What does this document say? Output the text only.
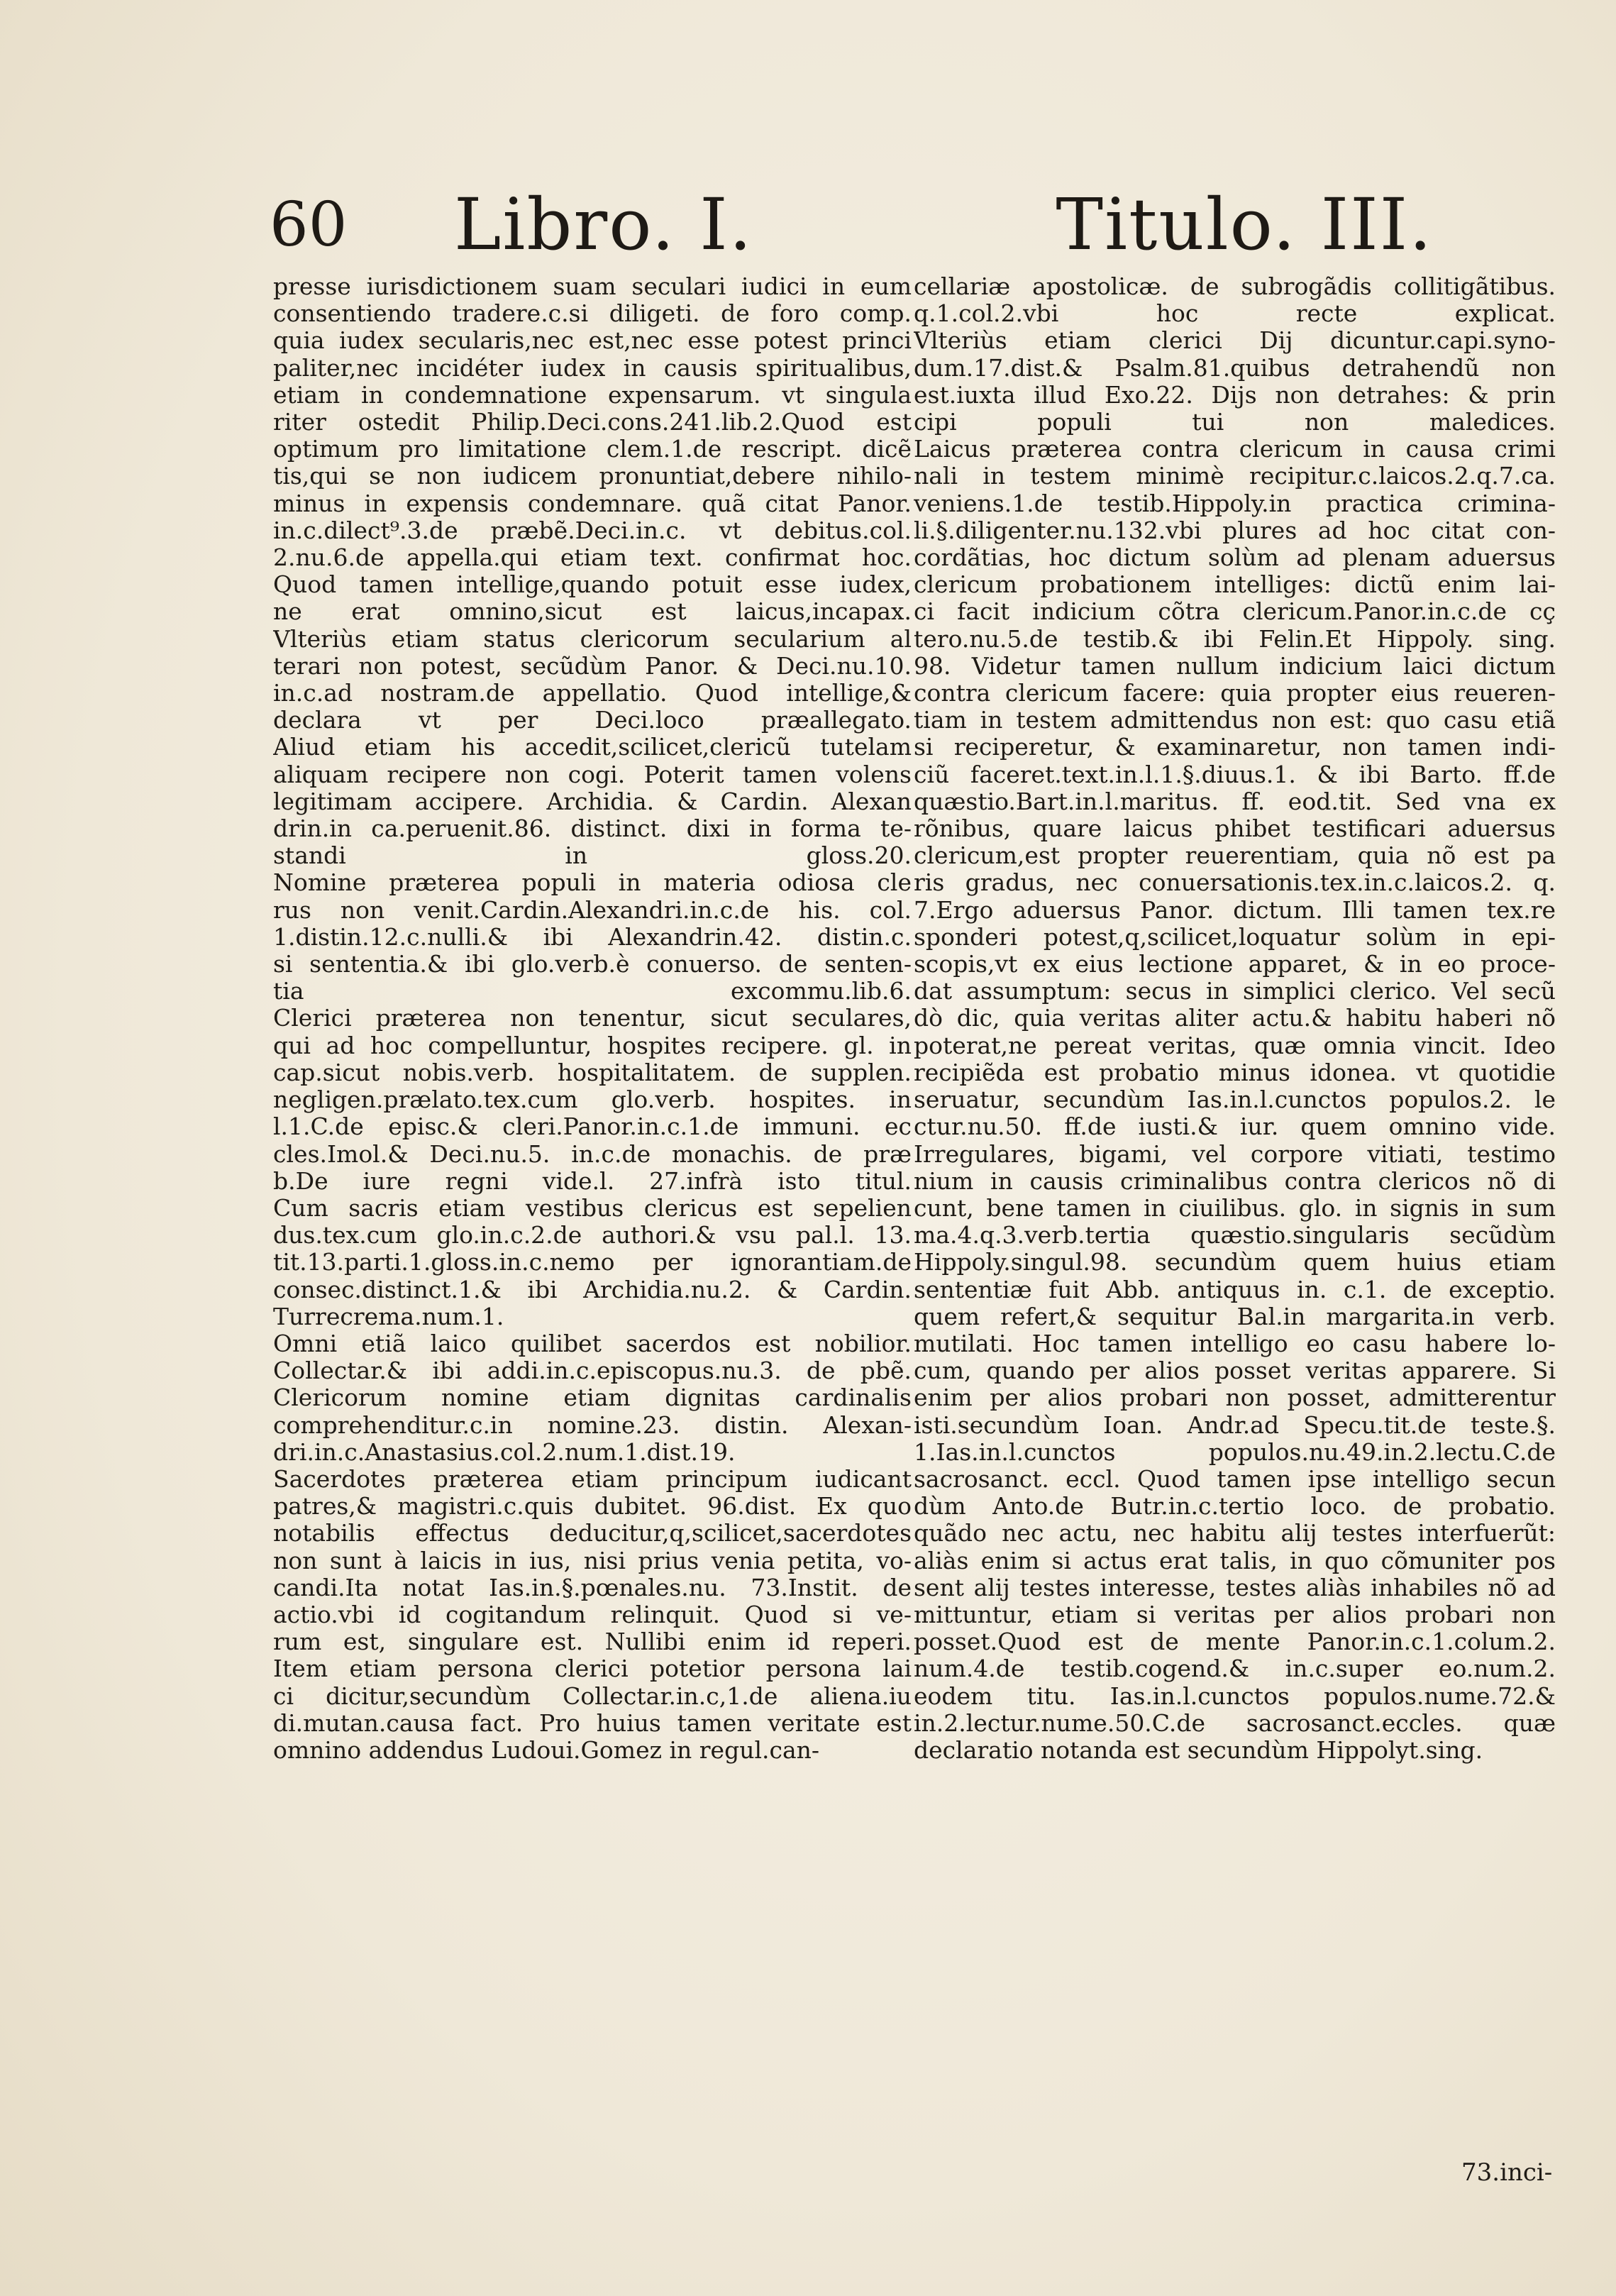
60 Libro. I.	Titulo. III.
presse iurisdictionem suam seculari iudici in eum
consentiendo tradere.c.si diligeti. de foro comp.
quia iudex secularis,nec est,nec esse potest princi
paliter,nec incidéter iudex in causis spiritualibus,
etiam in condemnatione expensarum. vt singula
riter ostedit Philip.Deci.cons.241.lib.2.Quod est
optimum pro limitatione clem.1.de rescript. dicẽ
tis,qui se non iudicem pronuntiat,debere nihilo-
minus in expensis condemnare. quã citat Panor.
in.c.dilect⁹.3.de præbẽ.Deci.in.c. vt debitus.col.
2.nu.6.de appella.qui etiam text. confirmat hoc.
Quod tamen intellige,quando potuit esse iudex,
ne erat omnino,sicut est laicus,incapax.
Vlteriùs etiam status clericorum secularium al
terari non potest, secũdùm Panor. & Deci.nu.10.
in.c.ad nostram.de appellatio. Quod intellige,&
declara vt per Deci.loco præallegato.
Aliud etiam his accedit,scilicet,clericũ tutelam
aliquam recipere non cogi. Poterit tamen volens
legitimam accipere. Archidia. & Cardin. Alexan
drin.in ca.peruenit.86. distinct. dixi in forma te-
standi in gloss.20.
Nomine præterea populi in materia odiosa cle
rus non venit.Cardin.Alexandri.in.c.de his. col.
1.distin.12.c.nulli.& ibi Alexandrin.42. distin.c.
si sententia.& ibi glo.verb.è conuerso. de senten-
tia excommu.lib.6.
Clerici præterea non tenentur, sicut seculares,
qui ad hoc compelluntur, hospites recipere. gl. in
cap.sicut nobis.verb. hospitalitatem. de supplen.
negligen.prælato.tex.cum glo.verb. hospites. in
l.1.C.de episc.& cleri.Panor.in.c.1.de immuni. ec
cles.Imol.& Deci.nu.5. in.c.de monachis. de præ
b.De iure regni vide.l. 27.infrà isto titul.
Cum sacris etiam vestibus clericus est sepelien
dus.tex.cum glo.in.c.2.de authori.& vsu pal.l. 13.
tit.13.parti.1.gloss.in.c.nemo per ignorantiam.de
consec.distinct.1.& ibi Archidia.nu.2. & Cardin.
Turrecrema.num.1.
Omni etiã laico quilibet sacerdos est nobilior.
Collectar.& ibi addi.in.c.episcopus.nu.3. de pbẽ.
Clericorum nomine etiam dignitas cardinalis
comprehenditur.c.in nomine.23. distin. Alexan-
dri.in.c.Anastasius.col.2.num.1.dist.19.
Sacerdotes præterea etiam principum iudicant
patres,& magistri.c.quis dubitet. 96.dist. Ex quo
notabilis effectus deducitur,q,scilicet,sacerdotes
non sunt à laicis in ius, nisi prius venia petita, vo-
candi.Ita notat Ias.in.§.pœnales.nu. 73.Instit. de
actio.vbi id cogitandum relinquit. Quod si ve-
rum est, singulare est. Nullibi enim id reperi.
Item etiam persona clerici potetior persona lai
ci dicitur,secundùm Collectar.in.c,1.de aliena.iu
di.mutan.causa fact. Pro huius tamen veritate est
omnino addendus Ludoui.Gomez in regul.can-
cellariæ apostolicæ. de subrogãdis collitigãtibus.
q.1.col.2.vbi hoc recte explicat.
Vlteriùs etiam clerici Dij dicuntur.capi.syno-
dum.17.dist.& Psalm.81.quibus detrahendũ non
est.iuxta illud Exo.22. Dijs non detrahes: & prin
cipi populi tui non maledices.
Laicus præterea contra clericum in causa crimi
nali in testem minimè recipitur.c.laicos.2.q.7.ca.
veniens.1.de testib.Hippoly.in practica crimina-
li.§.diligenter.nu.132.vbi plures ad hoc citat con-
cordãtias, hoc dictum solùm ad plenam aduersus
clericum probationem intelliges: dictũ enim lai-
ci facit indicium cõtra clericum.Panor.in.c.de cç
tero.nu.5.de testib.& ibi Felin.Et Hippoly. sing.
98. Videtur tamen nullum indicium laici dictum
contra clericum facere: quia propter eius reueren-
tiam in testem admittendus non est: quo casu etiã
si reciperetur, & examinaretur, non tamen indi-
ciũ faceret.text.in.l.1.§.diuus.1. & ibi Barto. ff.de
quæstio.Bart.in.l.maritus. ff. eod.tit. Sed vna ex
rõnibus, quare laicus phibet testificari aduersus
clericum,est propter reuerentiam, quia nõ est pa
ris gradus, nec conuersationis.tex.in.c.laicos.2. q.
7.Ergo aduersus Panor. dictum. Illi tamen tex.re
sponderi potest,q,scilicet,loquatur solùm in epi-
scopis,vt ex eius lectione apparet, & in eo proce-
dat assumptum: secus in simplici clerico. Vel secũ
dò dic, quia veritas aliter actu.& habitu haberi nõ
poterat,ne pereat veritas, quæ omnia vincit. Ideo
recipiẽda est probatio minus idonea. vt quotidie
seruatur, secundùm Ias.in.l.cunctos populos.2. le
ctur.nu.50. ff.de iusti.& iur. quem omnino vide.
Irregulares, bigami, vel corpore vitiati, testimo
nium in causis criminalibus contra clericos nõ di
cunt, bene tamen in ciuilibus. glo. in signis in sum
ma.4.q.3.verb.tertia quæstio.singularis secũdùm
Hippoly.singul.98. secundùm quem huius etiam
sententiæ fuit Abb. antiquus in. c.1. de exceptio.
quem refert,& sequitur Bal.in margarita.in verb.
mutilati. Hoc tamen intelligo eo casu habere lo-
cum, quando per alios posset veritas apparere. Si
enim per alios probari non posset, admitterentur
isti.secundùm Ioan. Andr.ad Specu.tit.de teste.§.
1.Ias.in.l.cunctos populos.nu.49.in.2.lectu.C.de
sacrosanct. eccl. Quod tamen ipse intelligo secun
dùm Anto.de Butr.in.c.tertio loco. de probatio.
quãdo nec actu, nec habitu alij testes interfuerũt:
aliàs enim si actus erat talis, in quo cõmuniter pos
sent alij testes interesse, testes aliàs inhabiles nõ ad
mittuntur, etiam si veritas per alios probari non
posset.Quod est de mente Panor.in.c.1.colum.2.
num.4.de testib.cogend.& in.c.super eo.num.2.
eodem titu. Ias.in.l.cunctos populos.nume.72.&
in.2.lectur.nume.50.C.de sacrosanct.eccles. quæ
declaratio notanda est secundùm Hippolyt.sing.
73.inci-
